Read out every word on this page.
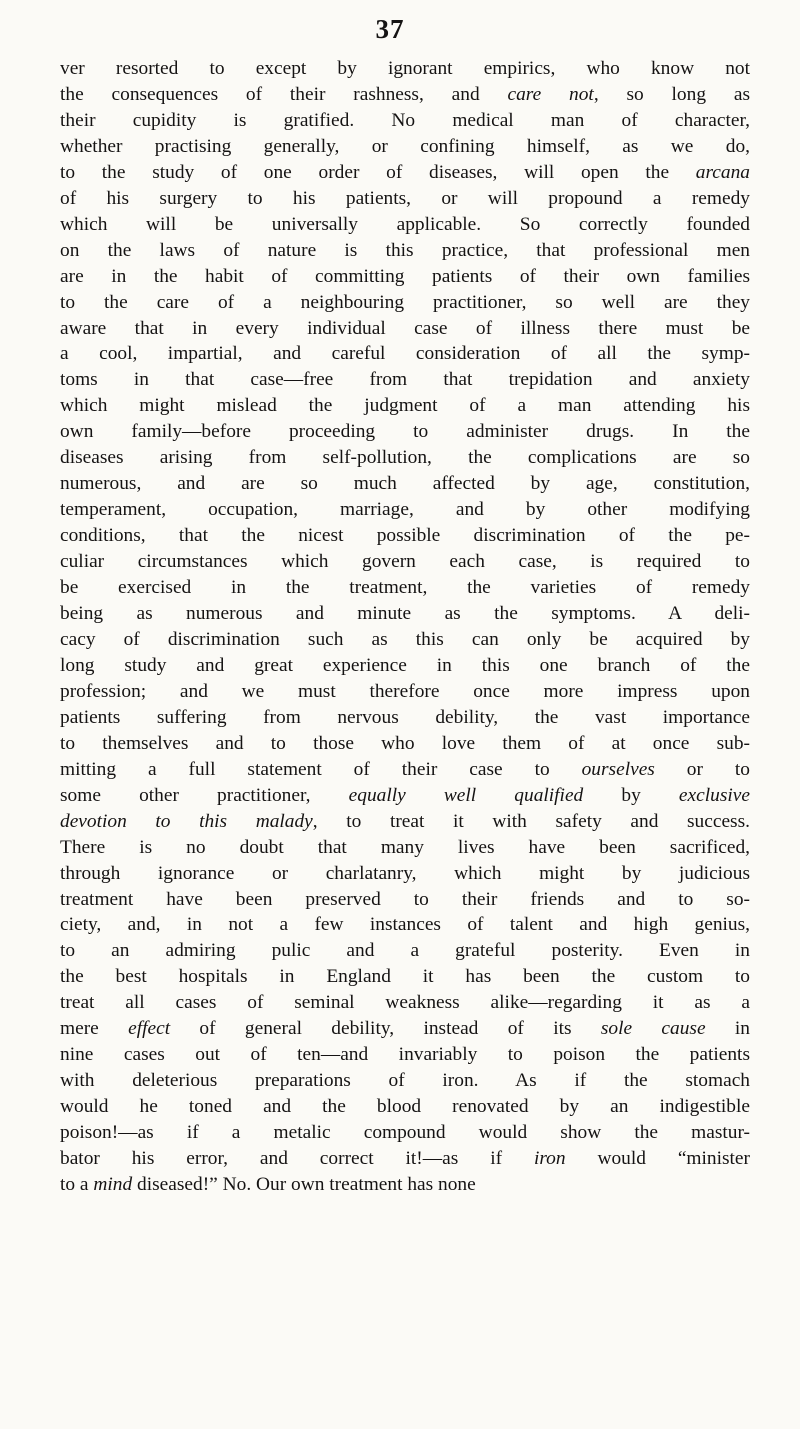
37
ver resorted to except by ignorant empirics, who know not
the consequences of their rashness, and care not, so long as
their cupidity is gratified. No medical man of character,
whether practising generally, or confining himself, as we do,
to the study of one order of diseases, will open the arcana
of his surgery to his patients, or will propound a remedy
which will be universally applicable. So correctly founded
on the laws of nature is this practice, that professional men
are in the habit of committing patients of their own families
to the care of a neighbouring practitioner, so well are they
aware that in every individual case of illness there must be
a cool, impartial, and careful consideration of all the symp-
toms in that case—free from that trepidation and anxiety
which might mislead the judgment of a man attending his
own family—before proceeding to administer drugs. In the
diseases arising from self-pollution, the complications are so
numerous, and are so much affected by age, constitution,
temperament, occupation, marriage, and by other modifying
conditions, that the nicest possible discrimination of the pe-
culiar circumstances which govern each case, is required to
be exercised in the treatment, the varieties of remedy
being as numerous and minute as the symptoms. A deli-
cacy of discrimination such as this can only be acquired by
long study and great experience in this one branch of the
profession; and we must therefore once more impress upon
patients suffering from nervous debility, the vast importance
to themselves and to those who love them of at once sub-
mitting a full statement of their case to ourselves or to
some other practitioner, equally well qualified by exclusive
devotion to this malady, to treat it with safety and success.
There is no doubt that many lives have been sacrificed,
through ignorance or charlatanry, which might by judicious
treatment have been preserved to their friends and to so-
ciety, and, in not a few instances of talent and high genius,
to an admiring pulic and a grateful posterity. Even in
the best hospitals in England it has been the custom to
treat all cases of seminal weakness alike—regarding it as a
mere effect of general debility, instead of its sole cause in
nine cases out of ten—and invariably to poison the patients
with deleterious preparations of iron. As if the stomach
would he toned and the blood renovated by an indigestible
poison!—as if a metalic compound would show the mastur-
bator his error, and correct it!—as if iron would “minister
to a mind diseased!” No. Our own treatment has none
